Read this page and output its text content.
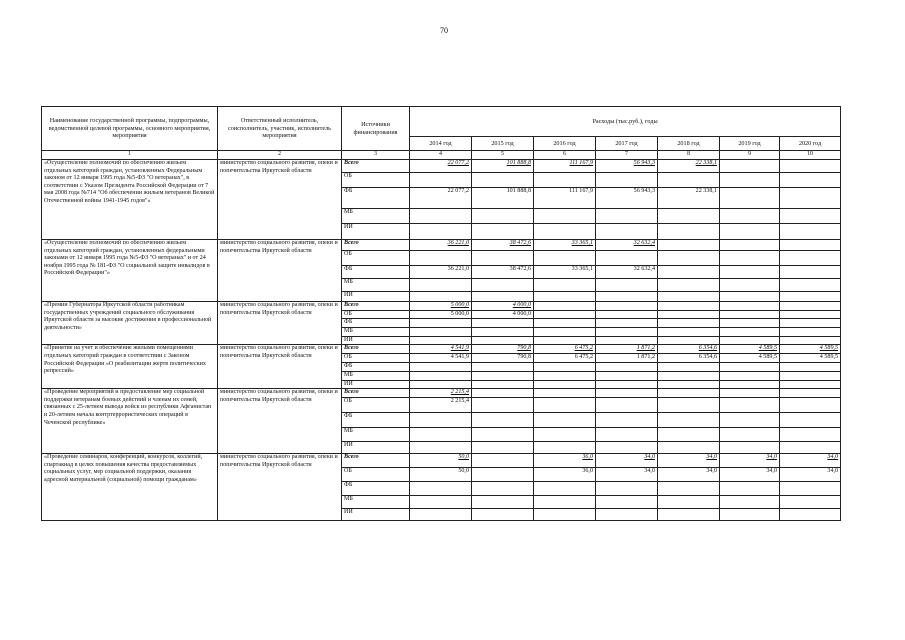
70
Наименование государственной программы, подпрограммы, ведомственной целевой программы, основного мероприятия, мероприятия	Ответственный исполнитель, соисполнитель, участник, исполнитель мероприятия	Источники финансирования	Расходы (тыс.руб.), годы						
			2014 год	2015 год	2016 год	2017 год	2018 год	2019 год	2020 год
1	2	3	4	5	6	7	8	9	10
«Осуществление полномочий по обеспечению жильем отдельных категорий граждан, установленных Федеральным законом от 12 января 1995 года №5-ФЗ "О ветеранах", в соответствии с Указом Президента Российской Федерации от 7 мая 2008 года №714 "Об обеспечении жильем ветеранов Великой Отечественной войны 1941-1945 годов"»	министерство социального развития, опеки и попечительства Иркутской области	Всего	22 077,2	101 888,8	111 167,9	56 943,3	22 338,1		
		ОБ							
		ФБ	22 077,2	101 888,8	111 167,9	56 943,3	22 338,1		
		МБ							
		ИИ							
«Осуществление полномочий по обеспечению жильем отдельных категорий граждан, установленных федеральными законами от 12 января 1995 года №5-ФЗ "О ветеранах" и от 24 ноября 1995 года № 181-ФЗ "О социальной защите инвалидов в Российской Федерации"»	министерство социального развития, опеки и попечительства Иркутской области	Всего	36 221,0	38 472,6	33 365,1	32 632,4			
		ОБ							
		ФБ	36 221,0	38 472,6	33 365,1	32 632,4			
		МБ							
		ИИ							
«Премии Губернатора Иркутской области работникам государственных учреждений социального обслуживания Иркутской области за высокие достижения в профессиональной деятельности»	министерство социального развития, опеки и попечительства Иркутской области	Всего	5 000,0	4 000,0					
		ОБ	5 000,0	4 000,0					
		ФБ							
		МБ							
		ИИ							
«Принятие на учет и обеспечение жилыми помещениями отдельных категорий граждан в соответствии с Законом Российской Федерации «О реабилитации жертв политических репрессий»	министерство социального развития, опеки и попечительства Иркутской области	Всего	4 541,9	790,8	6 475,2	1 871,2	6 354,6	4 589,5	4 589,5
		ОБ	4 541,9	790,8	6 475,2	1 871,2	6 354,6	4 589,5	4 589,5
		ФБ							
		МБ							
		ИИ							
«Проведение мероприятий и предоставление мер социальной поддержки ветеранам боевых действий и членам их семей, связанных с 25-летием вывода войск из республики Афганистан и 20-летием начала контртеррористических операций в Чеченской республике»	министерство социального развития, опеки и попечительства Иркутской области	Всего	2 215,4						
		ОБ	2 215,4						
		ФБ							
		МБ							
		ИИ							
«Проведение семинаров, конференций, конкурсов, коллегий, спартакиад в целях повышения качества предоставляемых социальных услуг, мер социальной поддержки, оказания адресной материальной (социальной) помощи гражданам»	министерство социального развития, опеки и попечительства Иркутской области	Всего	50,0		36,0	34,0	34,0	34,0	34,0
		ОБ	50,0		36,0	34,0	34,0	34,0	34,0
		ФБ							
		МБ							
		ИИ							
